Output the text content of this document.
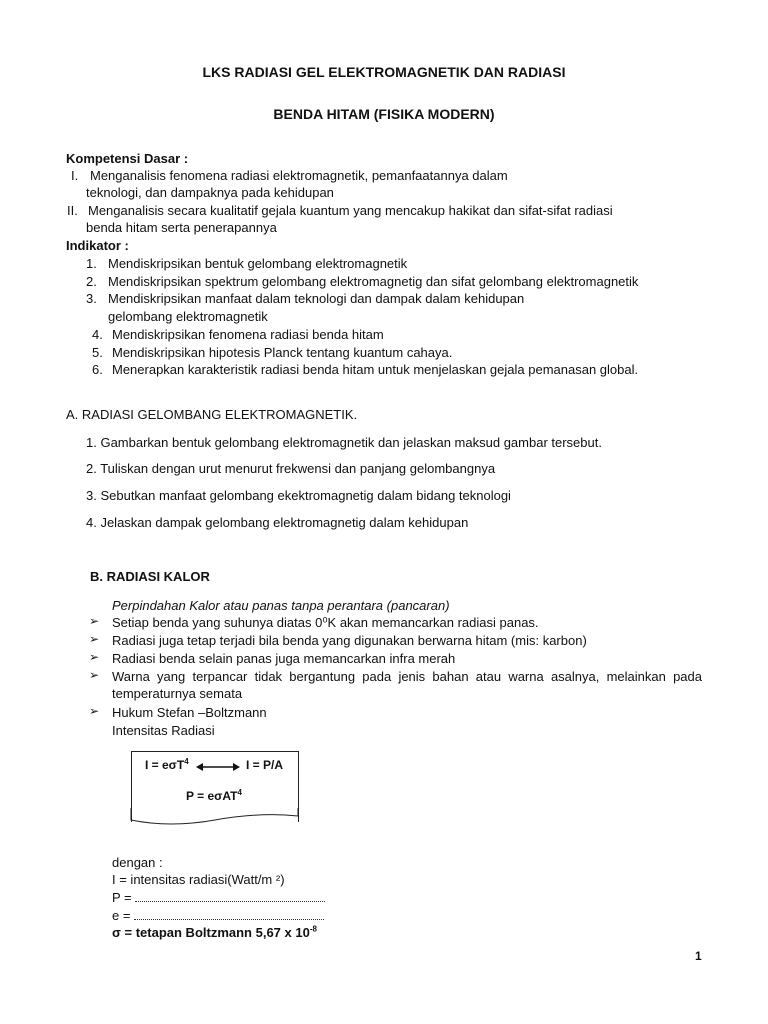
LKS RADIASI GEL ELEKTROMAGNETIK DAN RADIASI
BENDA HITAM (FISIKA MODERN)
Kompetensi Dasar :
I. Menganalisis fenomena radiasi elektromagnetik, pemanfaatannya dalam
teknologi, dan dampaknya pada kehidupan
II. Menganalisis secara kualitatif gejala kuantum yang mencakup hakikat dan sifat-sifat radiasi
benda hitam serta penerapannya
Indikator :
1. Mendiskripsikan bentuk gelombang elektromagnetik
2. Mendiskripsikan spektrum gelombang elektromagnetig dan sifat gelombang elektromagnetik
3. Mendiskripsikan manfaat dalam teknologi dan dampak dalam kehidupan
gelombang elektromagnetik
4. Mendiskripsikan fenomena radiasi benda hitam
5. Mendiskripsikan hipotesis Planck tentang kuantum cahaya.
6. Menerapkan karakteristik radiasi benda hitam untuk menjelaskan gejala pemanasan global.
A. RADIASI GELOMBANG ELEKTROMAGNETIK.
1. Gambarkan bentuk gelombang elektromagnetik dan jelaskan maksud gambar tersebut.
2. Tuliskan dengan urut menurut frekwensi dan panjang gelombangnya
3. Sebutkan manfaat gelombang ekektromagnetig dalam bidang teknologi
4. Jelaskan dampak gelombang elektromagnetig dalam kehidupan
B. RADIASI KALOR
Perpindahan Kalor atau panas tanpa perantara (pancaran)
➢ Setiap benda yang suhunya diatas 0⁰K akan memancarkan radiasi panas.
➢ Radiasi juga tetap terjadi bila benda yang digunakan berwarna hitam (mis: karbon)
➢ Radiasi benda selain panas juga memancarkan infra merah
➢ Warna yang terpancar tidak bergantung pada jenis bahan atau warna asalnya, melainkan pada temperaturnya semata
➢ Hukum Stefan –Boltzmann
Intensitas Radiasi
I = eσT$^4$	I = P/A
P = eσAT$^4$
dengan :
I = intensitas radiasi(Watt/m ²)
P =
e =
σ = tetapan Boltzmann 5,67 x $10^{-8}$
1
